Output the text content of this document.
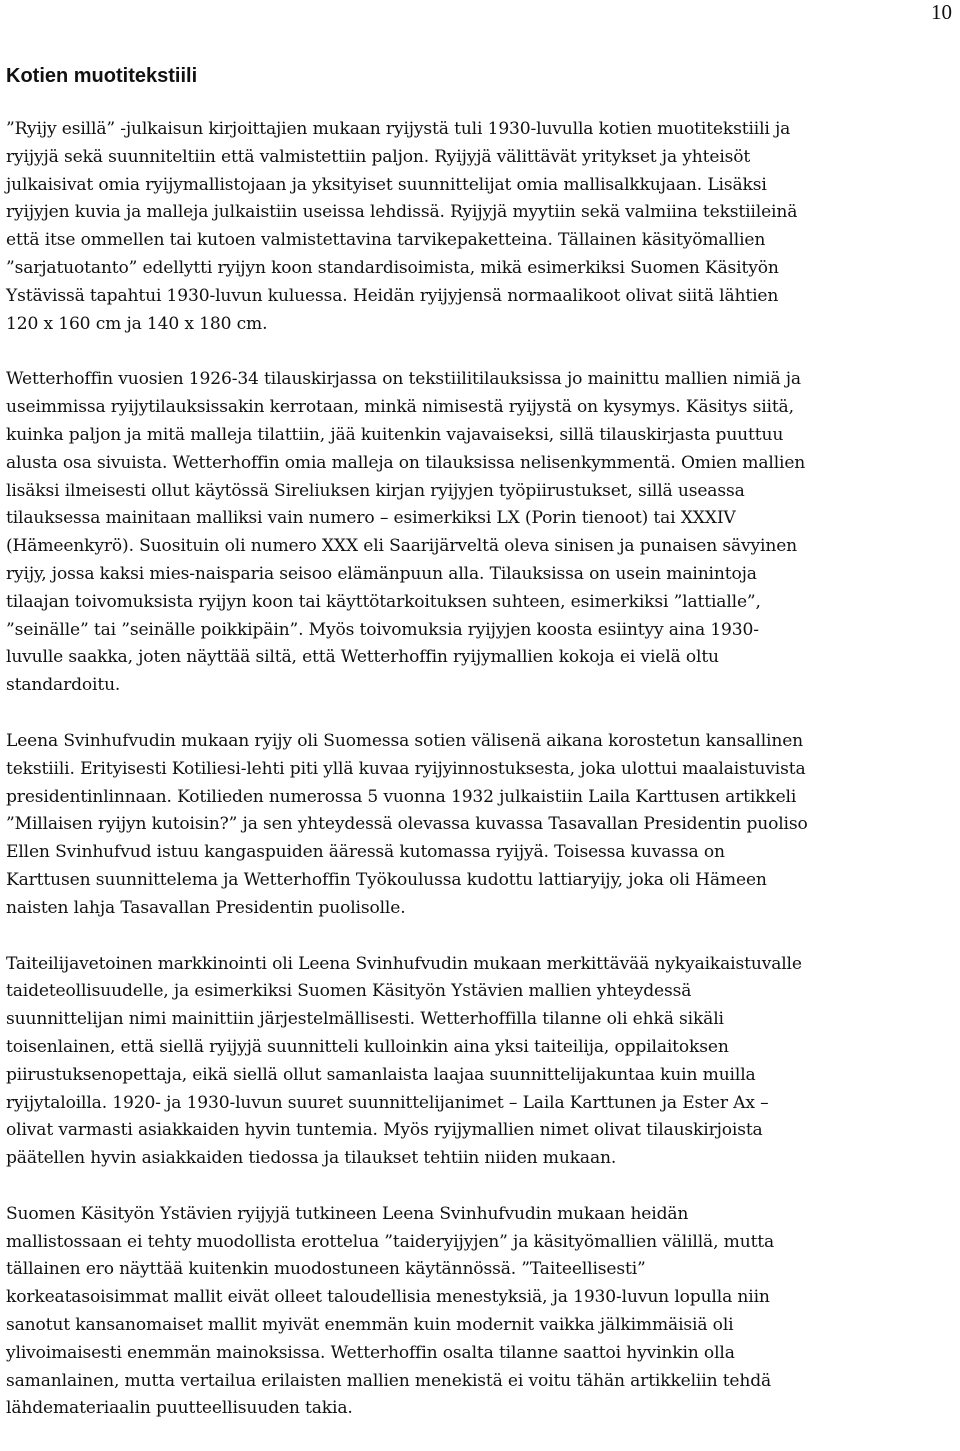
10
Kotien muotitekstiili
”Ryijy esillä” -julkaisun kirjoittajien mukaan ryijystä tuli 1930-luvulla kotien muotitekstiili ja
ryijyjä sekä suunniteltiin että valmistettiin paljon. Ryijyjä välittävät yritykset ja yhteisöt
julkaisivat omia ryijymallistojaan ja yksityiset suunnittelijat omia mallisalkkujaan. Lisäksi
ryijyjen kuvia ja malleja julkaistiin useissa lehdissä. Ryijyjä myytiin sekä valmiina tekstiileinä
että itse ommellen tai kutoen valmistettavina tarvikepaketteina. Tällainen käsityömallien
”sarjatuotanto” edellytti ryijyn koon standardisoimista, mikä esimerkiksi Suomen Käsityön
Ystävissä tapahtui 1930-luvun kuluessa. Heidän ryijyjensä normaalikoot olivat siitä lähtien
120 x 160 cm ja 140 x 180 cm.
Wetterhoffin vuosien 1926-34 tilauskirjassa on tekstiilitilauksissa jo mainittu mallien nimiä ja
useimmissa ryijytilauksissakin kerrotaan, minkä nimisestä ryijystä on kysymys. Käsitys siitä,
kuinka paljon ja mitä malleja tilattiin, jää kuitenkin vajavaiseksi, sillä tilauskirjasta puuttuu
alusta osa sivuista. Wetterhoffin omia malleja on tilauksissa nelisenkymmentä. Omien mallien
lisäksi ilmeisesti ollut käytössä Sireliuksen kirjan ryijyjen työpiirustukset, sillä useassa
tilauksessa mainitaan malliksi vain numero – esimerkiksi LX (Porin tienoot) tai XXXIV
(Hämeenkyrö). Suosituin oli numero XXX eli Saarijärveltä oleva sinisen ja punaisen sävyinen
ryijy, jossa kaksi mies-naisparia seisoo elämänpuun alla. Tilauksissa on usein mainintoja
tilaajan toivomuksista ryijyn koon tai käyttötarkoituksen suhteen, esimerkiksi ”lattialle”,
”seinälle” tai ”seinälle poikkipäin”. Myös toivomuksia ryijyjen koosta esiintyy aina 1930-
luvulle saakka, joten näyttää siltä, että Wetterhoffin ryijymallien kokoja ei vielä oltu
standardoitu.
Leena Svinhufvudin mukaan ryijy oli Suomessa sotien välisenä aikana korostetun kansallinen
tekstiili. Erityisesti Kotiliesi-lehti piti yllä kuvaa ryijyinnostuksesta, joka ulottui maalaistuvista
presidentinlinnaan. Kotilieden numerossa 5 vuonna 1932 julkaistiin Laila Karttusen artikkeli
”Millaisen ryijyn kutoisin?” ja sen yhteydessä olevassa kuvassa Tasavallan Presidentin puoliso
Ellen Svinhufvud istuu kangaspuiden ääressä kutomassa ryijyä. Toisessa kuvassa on
Karttusen suunnittelema ja Wetterhoffin Työkoulussa kudottu lattiaryijy, joka oli Hämeen
naisten lahja Tasavallan Presidentin puolisolle.
Taiteilijavetoinen markkinointi oli Leena Svinhufvudin mukaan merkittävää nykyaikaistuvalle
taideteollisuudelle, ja esimerkiksi Suomen Käsityön Ystävien mallien yhteydessä
suunnittelijan nimi mainittiin järjestelmällisesti. Wetterhoffilla tilanne oli ehkä sikäli
toisenlainen, että siellä ryijyjä suunnitteli kulloinkin aina yksi taiteilija, oppilaitoksen
piirustuksenopettaja, eikä siellä ollut samanlaista laajaa suunnittelijakuntaa kuin muilla
ryijytaloilla. 1920- ja 1930-luvun suuret suunnittelijanimet – Laila Karttunen ja Ester Ax –
olivat varmasti asiakkaiden hyvin tuntemia. Myös ryijymallien nimet olivat tilauskirjoista
päätellen hyvin asiakkaiden tiedossa ja tilaukset tehtiin niiden mukaan.
Suomen Käsityön Ystävien ryijyjä tutkineen Leena Svinhufvudin mukaan heidän
mallistossaan ei tehty muodollista erottelua ”taideryijyjen” ja käsityömallien välillä, mutta
tällainen ero näyttää kuitenkin muodostuneen käytännössä. ”Taiteellisesti”
korkeatasoisimmat mallit eivät olleet taloudellisia menestyksiä, ja 1930-luvun lopulla niin
sanotut kansanomaiset mallit myivät enemmän kuin modernit vaikka jälkimmäisiä oli
ylivoimaisesti enemmän mainoksissa. Wetterhoffin osalta tilanne saattoi hyvinkin olla
samanlainen, mutta vertailua erilaisten mallien menekistä ei voitu tähän artikkeliin tehdä
lähdemateriaalin puutteellisuuden takia.
